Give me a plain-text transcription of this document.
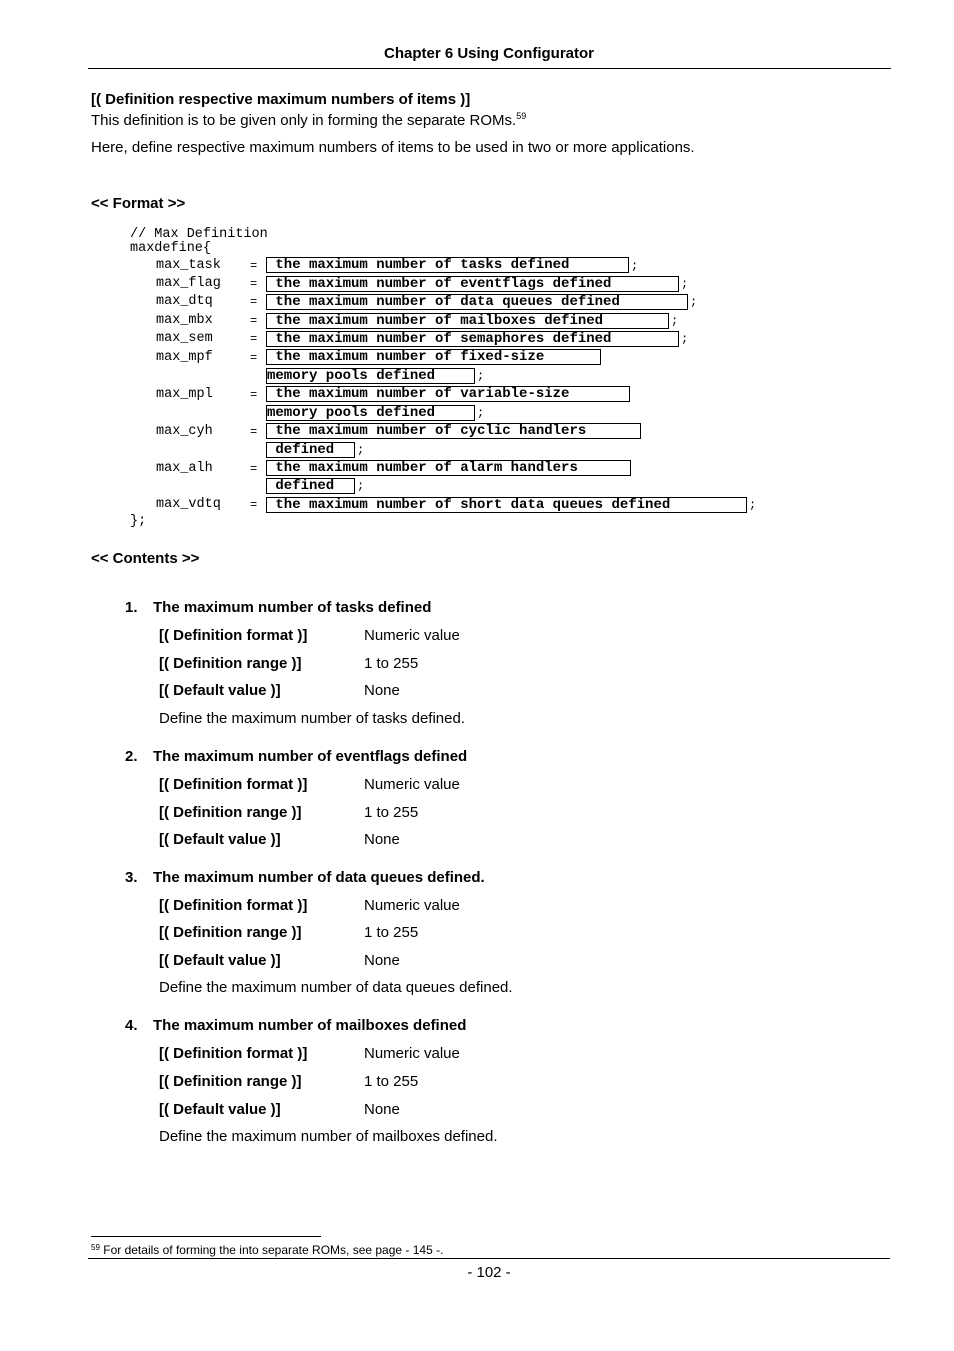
Chapter 6 Using Configurator
[( Definition respective maximum numbers of items )]
This definition is to be given only in forming the separate ROMs.$^{59}$
Here, define respective maximum numbers of items to be used in two or more applications.
<< Format >>
// Max Definition
maxdefine{
max_task = the maximum number of tasks defined	;
max_flag = the maximum number of eventflags defined	;
max_dtq	= the maximum number of data queues defined	;
max_mbx	= the maximum number of mailboxes defined	;
max_sem	= the maximum number of semaphores defined	;
max_mpf	= the maximum number of fixed-size
memory pools defined	;
max_mpl	= the maximum number of variable-size
memory pools defined	;
max_cyh	= the maximum number of cyclic handlers
defined	;
max_alh	= the maximum number of alarm handlers
defined	;
max_vdtq = the maximum number of short data queues defined	;
};
<< Contents >>
1. The maximum number of tasks defined
[( Definition format )]	Numeric value
[( Definition range )]	1 to 255
[( Default value )]	None
Define the maximum number of tasks defined.
2. The maximum number of eventflags defined
[( Definition format )]	Numeric value
[( Definition range )]	1 to 255
[( Default value )]	None
3. The maximum number of data queues defined.
[( Definition format )]	Numeric value
[( Definition range )]	1 to 255
[( Default value )]	None
Define the maximum number of data queues defined.
4. The maximum number of mailboxes defined
[( Definition format )]	Numeric value
[( Definition range )]	1 to 255
[( Default value )]	None
Define the maximum number of mailboxes defined.
$^{59}$ For details of forming the into separate ROMs, see page - 145 -.
- 102 -
